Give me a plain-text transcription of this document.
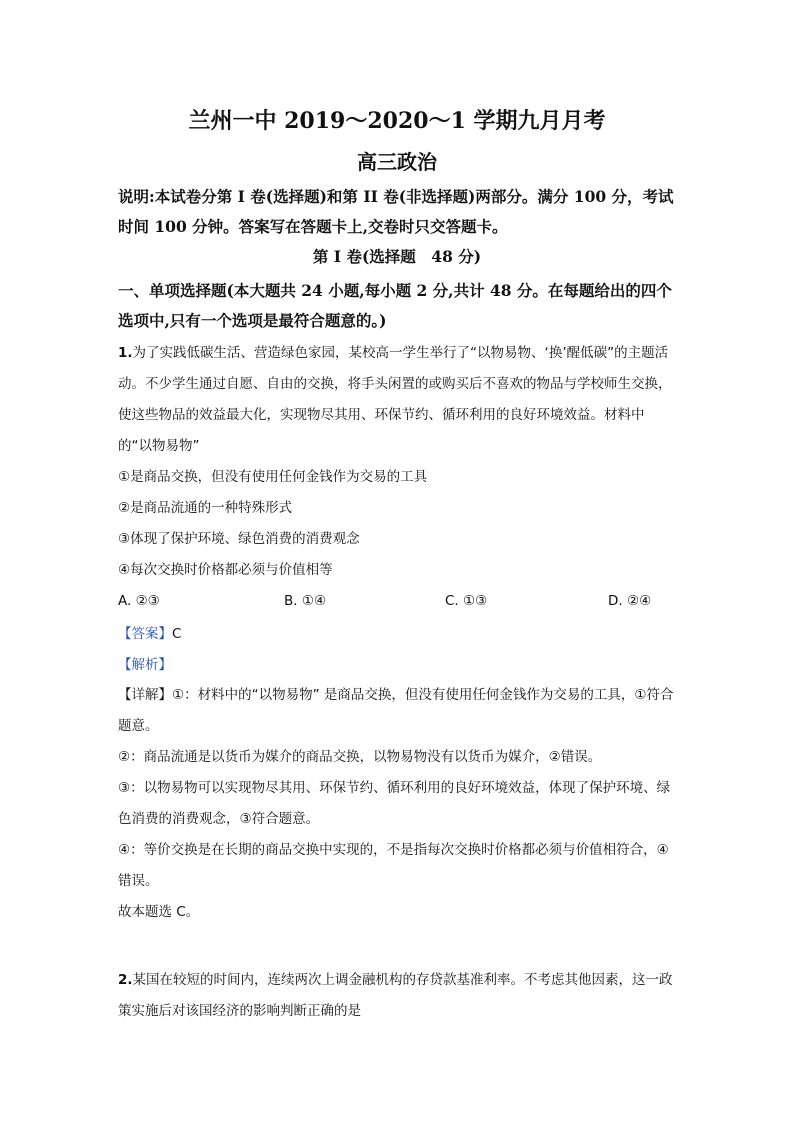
兰州一中 2019～2020～1 学期九月月考
高三政治
说明:本试卷分第 I 卷(选择题)和第 II 卷(非选择题)两部分。满分 100 分，考试时间 100 分钟。答案写在答题卡上,交卷时只交答题卡。
第 I 卷(选择题　48 分)
一、单项选择题(本大题共 24 小题,每小题 2 分,共计 48 分。在每题给出的四个选项中,只有一个选项是最符合题意的。)

1.为了实践低碳生活、营造绿色家园，某校高一学生举行了“以物易物、‘换’醒低碳”的主题活动。不少学生通过自愿、自由的交换，将手头闲置的或购买后不喜欢的物品与学校师生交换，使这些物品的效益最大化，实现物尽其用、环保节约、循环利用的良好环境效益。材料中的“以物易物”

①是商品交换，但没有使用任何金钱作为交易的工具

②是商品流通的一种特殊形式

③体现了保护环境、绿色消费的消费观念

④每次交换时价格都必须与价值相等

A. ②③	B. ①④	C. ①③	D. ②④

【答案】C

【解析】

【详解】①：材料中的“以物易物” 是商品交换，但没有使用任何金钱作为交易的工具，①符合题意。

②：商品流通是以货币为媒介的商品交换，以物易物没有以货币为媒介，②错误。

③：以物易物可以实现物尽其用、环保节约、循环利用的良好环境效益，体现了保护环境、绿色消费的消费观念，③符合题意。

④：等价交换是在长期的商品交换中实现的，不是指每次交换时价格都必须与价值相符合，④错误。

故本题选 C。

2.某国在较短的时间内，连续两次上调金融机构的存贷款基准利率。不考虑其他因素，这一政策实施后对该国经济的影响判断正确的是
